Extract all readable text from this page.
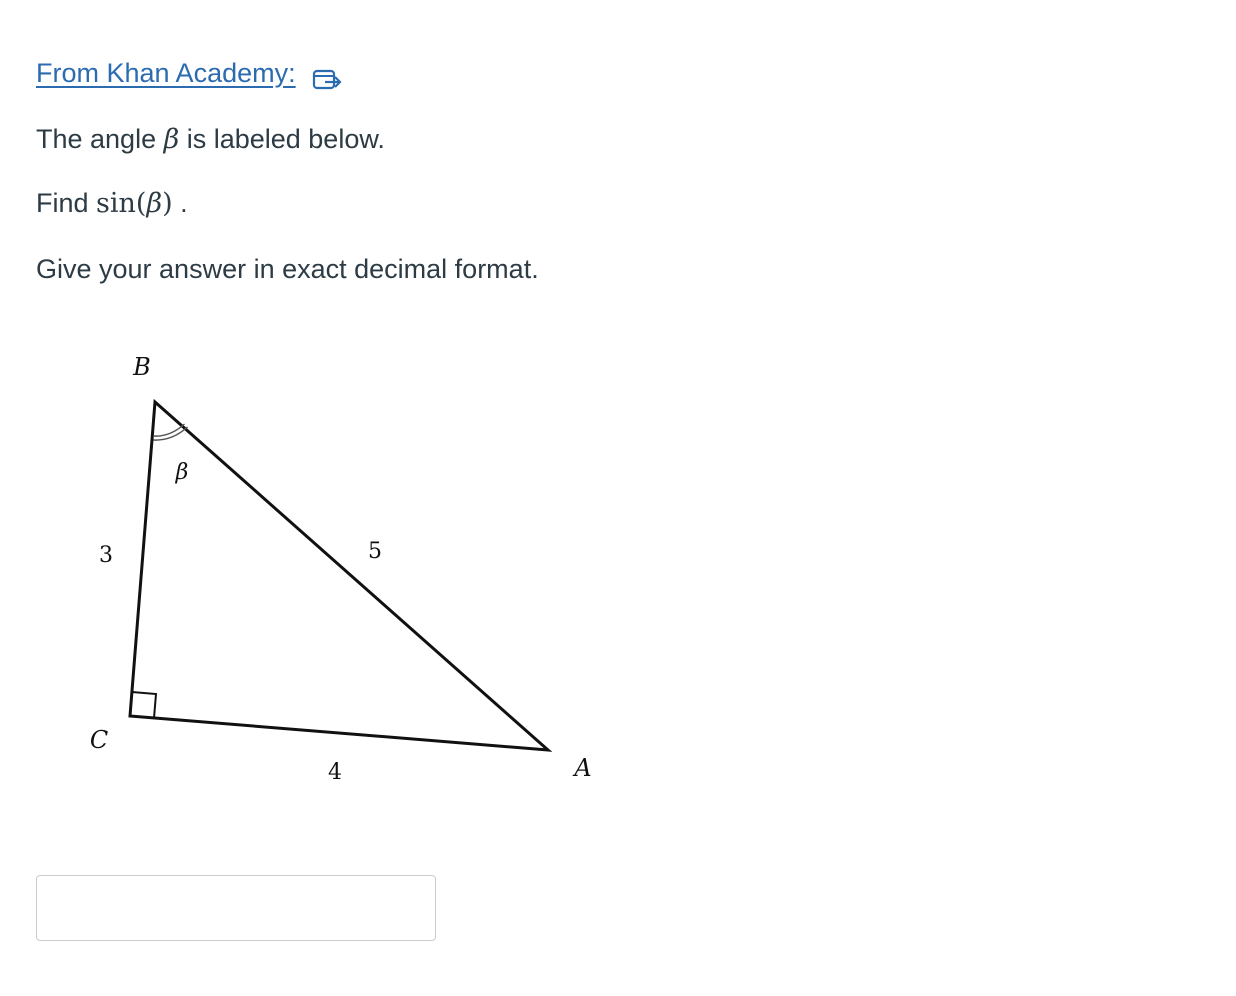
From Khan Academy:

The angle β is labeled below.

Find sin(β) .

Give your answer in exact decimal format.

B
C
A
β
3	5
4
